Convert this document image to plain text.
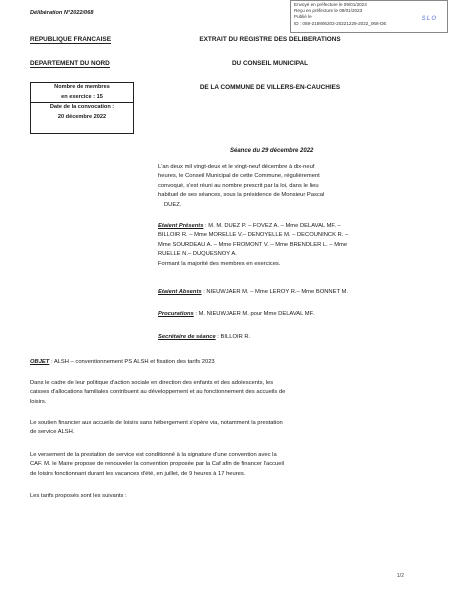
Envoyé en préfecture le 09/01/2023
Reçu en préfecture le 09/01/2023
Publié le
ID : 059-215906203-20221229-2022_068-DE
SLO
Délibération N°2022/068
REPUBLIQUE FRANCAISE
DEPARTEMENT DU NORD
EXTRAIT DU REGISTRE DES DELIBERATIONS
DU CONSEIL MUNICIPAL
DE LA COMMUNE DE VILLERS-EN-CAUCHIES
Nombre de membres
en exercice : 15
Date de la convocation :
20 décembre 2022
Séance du 29 décembre 2022
L'an deux mil vingt-deux et le vingt-neuf décembre à dix-neuf
heures, le Conseil Municipal de cette Commune, régulièrement
convoqué, s'est réuni au nombre prescrit par la loi, dans le lieu
habituel de ses séances, sous la présidence de Monsieur Pascal
DUEZ.
Etaient Présents : M. M. DUEZ P. – FOVEZ A. – Mme DELAVAL MF. –
BILLOIR R. – Mme MORELLE V.– DENOYELLE M. – DECOUNINCK R. –
Mme SOURDEAU A. – Mme FROMONT V. – Mme BRENDLER L. – Mme
RUELLE N.– DUQUESNOY A.
Formant la majorité des membres en exercices.
Etaient Absents : NIEUWJAER M. – Mme LEROY R.– Mme BONNET M.
Procurations : M. NIEUWJAER M. pour Mme DELAVAL MF.
Secrétaire de séance : BILLOIR R.
OBJET : ALSH – conventionnement PS ALSH et fixation des tarifs 2023
Dans le cadre de leur politique d'action sociale en direction des enfants et des adolescents, les
caisses d'allocations familiales contribuent au développement et au fonctionnement des accueils de
loisirs.
Le soutien financier aux accueils de loisirs sans hébergement s'opère via, notamment la prestation
de service ALSH.
Le versement de la prestation de service est conditionné à la signature d'une convention avec la
CAF. M. le Maire propose de renouveler la convention proposée par la Caf afin de financer l'accueil
de loisirs fonctionnant durant les vacances d'été, en juillet, de 9 heures à 17 heures.
Les tarifs proposés sont les suivants :
1/2
